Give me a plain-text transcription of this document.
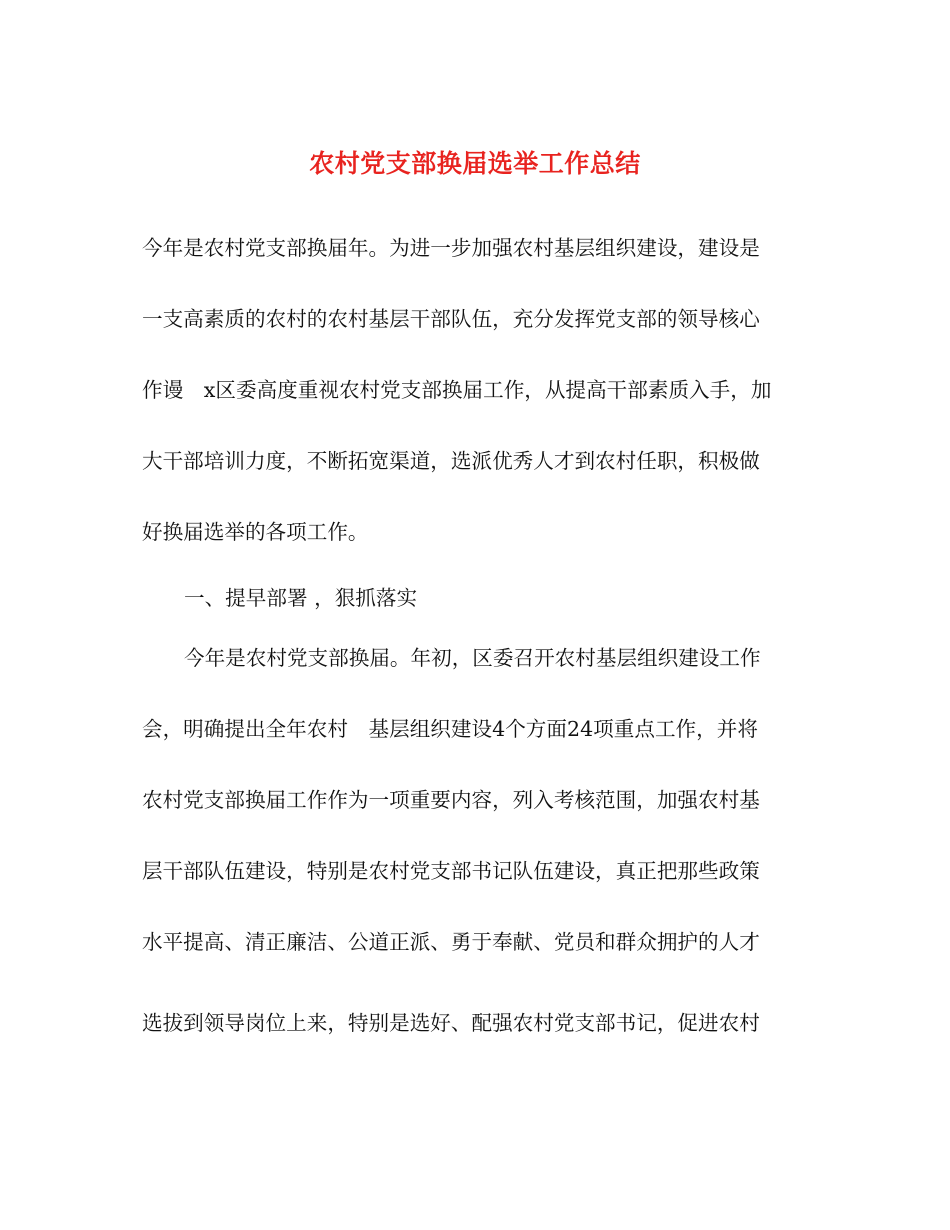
农村党支部换届选举工作总结
今年是农村党支部换届年。为进一步加强农村基层组织建设，建设是
一支高素质的农村的农村基层干部队伍，充分发挥党支部的领导核心
作谩　x区委高度重视农村党支部换届工作，从提高干部素质入手，加
大干部培训力度，不断拓宽渠道，选派优秀人才到农村任职，积极做
好换届选举的各项工作。
一、提早部署 ，狠抓落实
今年是农村党支部换届。年初，区委召开农村基层组织建设工作
会，明确提出全年农村　基层组织建设4个方面24项重点工作，并将
农村党支部换届工作作为一项重要内容，列入考核范围，加强农村基
层干部队伍建设，特别是农村党支部书记队伍建设，真正把那些政策
水平提高、清正廉洁、公道正派、勇于奉献、党员和群众拥护的人才
选拔到领导岗位上来，特别是选好、配强农村党支部书记，促进农村
